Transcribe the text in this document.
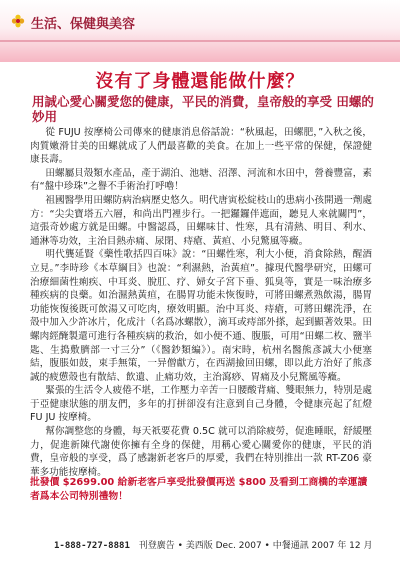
生活、保健與美容
沒有了身體還能做什麼？
用誠心愛心關愛您的健康，平民的消費，皇帝般的享受 田螺的妙用

從 FUJU 按摩椅公司傳來的健康消息俗話說：“秋風起，田螺肥，”入秋之後，肉質嫩滑甘美的田螺就成了人們最喜歡的美食。在加上一些平常的保健，保證健康長壽。

田螺屬貝殼類水產品，產于湖泊、池塘、沼澤、河流和水田中，營養豐富，素有“盤中珍珠”之譽不手術治打呼嚕！

祖國醫學用田螺防病治病歷史悠久。明代唐寅松綻枝山的患病小孩開過一劑處方：“尖尖寶塔五六層，和尚出門裡步行。一把鑼鑼伴遮面，聽見人來就關門”，這張奇妙處方就是田螺。中醫認爲，田螺味甘、性寒，具有清熱、明目、利水、通淋等功效，主治目熱赤痛、尿閉、痔瘡、黃疸、小兒驚風等癥。

明代龔延賢《藥性歌括四百味》說：“田螺性寒，利大小便，消食除熱，醒酒立見。”李時珍《本草綱目》也說：“利濕熱，治黃疸”。據現代醫學研究，田螺可治療細菌性痢疾、中耳炎、脫肛、疗、婦女子宮下垂、狐臭等，實是一味治療多種疾病的良藥。如治濕熱黃疸，在腸胃功能未恢復時，可將田螺煮熟飲湯，腸胃功能恢復後既可飲湯又可吃肉，療效明顯。治中耳炎、痔瘡，可將田螺洗淨，在殼中加入少許冰片，化成汁（名爲冰螺散），滴耳或痔部外搽，起到顯著效果。田螺肉經醃製還可進行各種疾病的救治，如小便不通、腹脹，可用“田螺二枚、鹽半匙、生搗敷臍部一寸三分”（《醫鈔類編》）。南宋時，杭州名醫熊彥誠大小便塞結，腹脹如鼓，束手無策，一异僧獻方，在西湖撿回田螺，即以此方治好了熊彥誠的疲憊殼也有散結、飲遺、止痛功效，主治瀉痧、胃痛及小兒驚風等癥。

緊張的生活令人疲倦不堪，工作壓力辛苦一日腰酸背痛、雙眼無力，特別是處于亞健康狀態的朋友們，多年的打拼卻沒有注意到自己身體，令健康亮起了紅燈 FU JU 按摩椅。

幫你調整您的身體，每天祇要花費 0.5C 就可以消除疲勞，促進睡眠，舒緩壓力，促進新陳代謝使你擁有全身的保健，用稱心愛心關愛你的健康，平民的消費，皇帝般的享受，爲了感謝新老客戶的厚愛，我們在特別推出一款 RT-Z06 豪華多功能按摩椅。

批發價 $2699.00 給新老客戶享受批發價再送 $800 及看到工商橋的幸運讀者爲本公司特別禮物！
1-888-727-8881 刊登廣告 • 美西版 Dec. 2007 • 中餐通訊 2007 年 12 月
